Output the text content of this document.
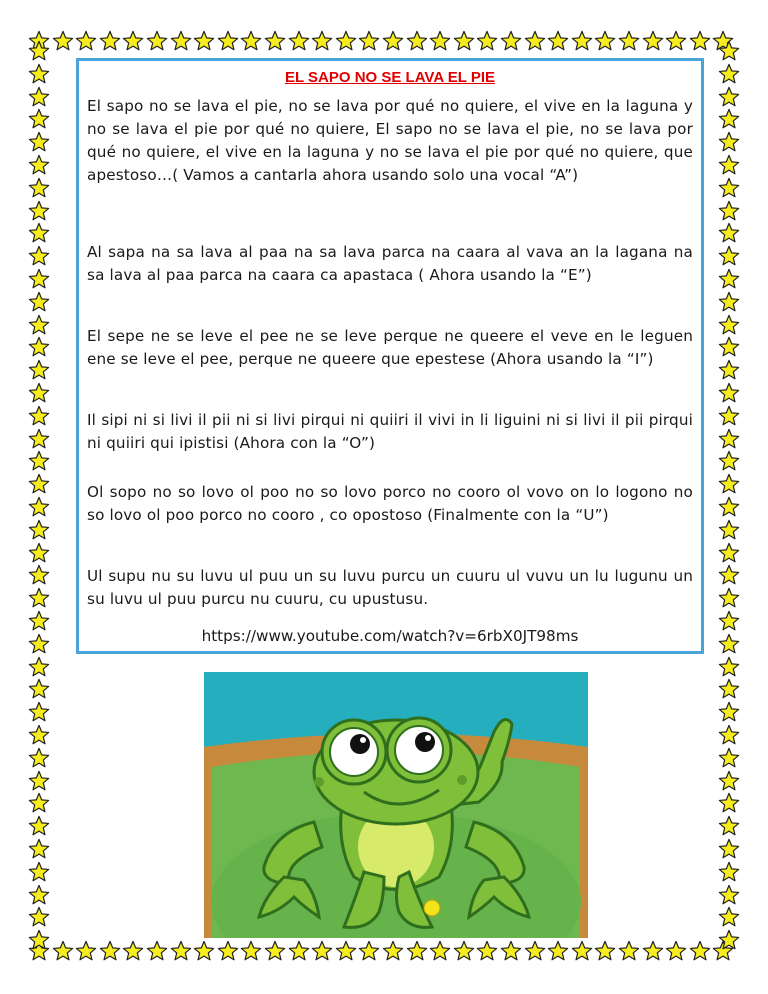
EL SAPO NO SE LAVA EL PIE
El sapo no se lava el pie, no se lava por qué no quiere, el vive en la laguna y no se lava el pie por qué no quiere, El sapo no se lava el pie, no se lava por qué no quiere, el vive en la laguna y no se lava el pie por qué no quiere, que apestoso…( Vamos a cantarla ahora usando solo una vocal “A”)
Al sapa na sa lava al paa na sa lava parca na caara al vava an la lagana na sa lava al paa parca na caara ca apastaca ( Ahora usando la “E”)
El sepe ne se leve el pee ne se leve perque ne queere el veve en le leguen ene se leve el pee, perque ne queere que epestese (Ahora usando la “I”)
Il sipi ni si livi il pii ni si livi pirqui ni quiiri il vivi in li liguini ni si livi il pii pirqui ni quiiri qui ipistisi (Ahora con la “O”)
Ol sopo no so lovo ol poo no so lovo porco no cooro ol vovo on lo logono no so lovo ol poo porco no cooro , co opostoso (Finalmente con la “U”)
Ul supu nu su luvu ul puu un su luvu purcu un cuuru ul vuvu un lu lugunu un su luvu ul puu purcu nu cuuru, cu upustusu.
https://www.youtube.com/watch?v=6rbX0JT98ms
